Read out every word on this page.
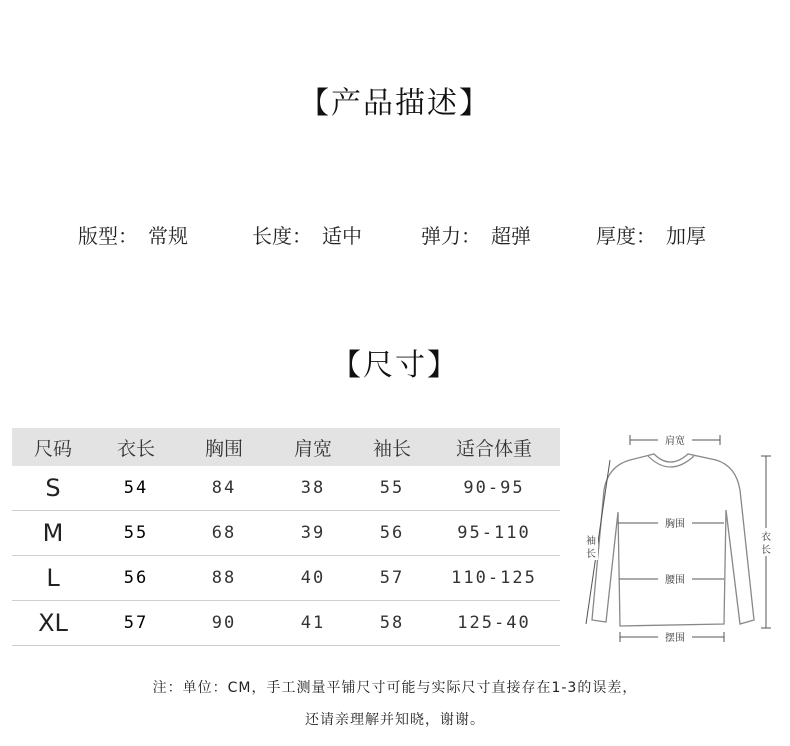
【产品描述】
版型： 常规	长度： 适中	弹力： 超弹	厚度： 加厚
【尺寸】
尺码	衣长	胸围	肩宽	袖长	适合体重
S	54	84	38	55	90-95
M	55	68	39	56	95-110
L	56	88	40	57	110-125
XL	57	90	41	58	125-40
肩宽
胸围
腰围
摆围
袖
长
衣
长
注：单位：CM，手工测量平铺尺寸可能与实际尺寸直接存在1-3的误差，
还请亲理解并知晓，谢谢。
